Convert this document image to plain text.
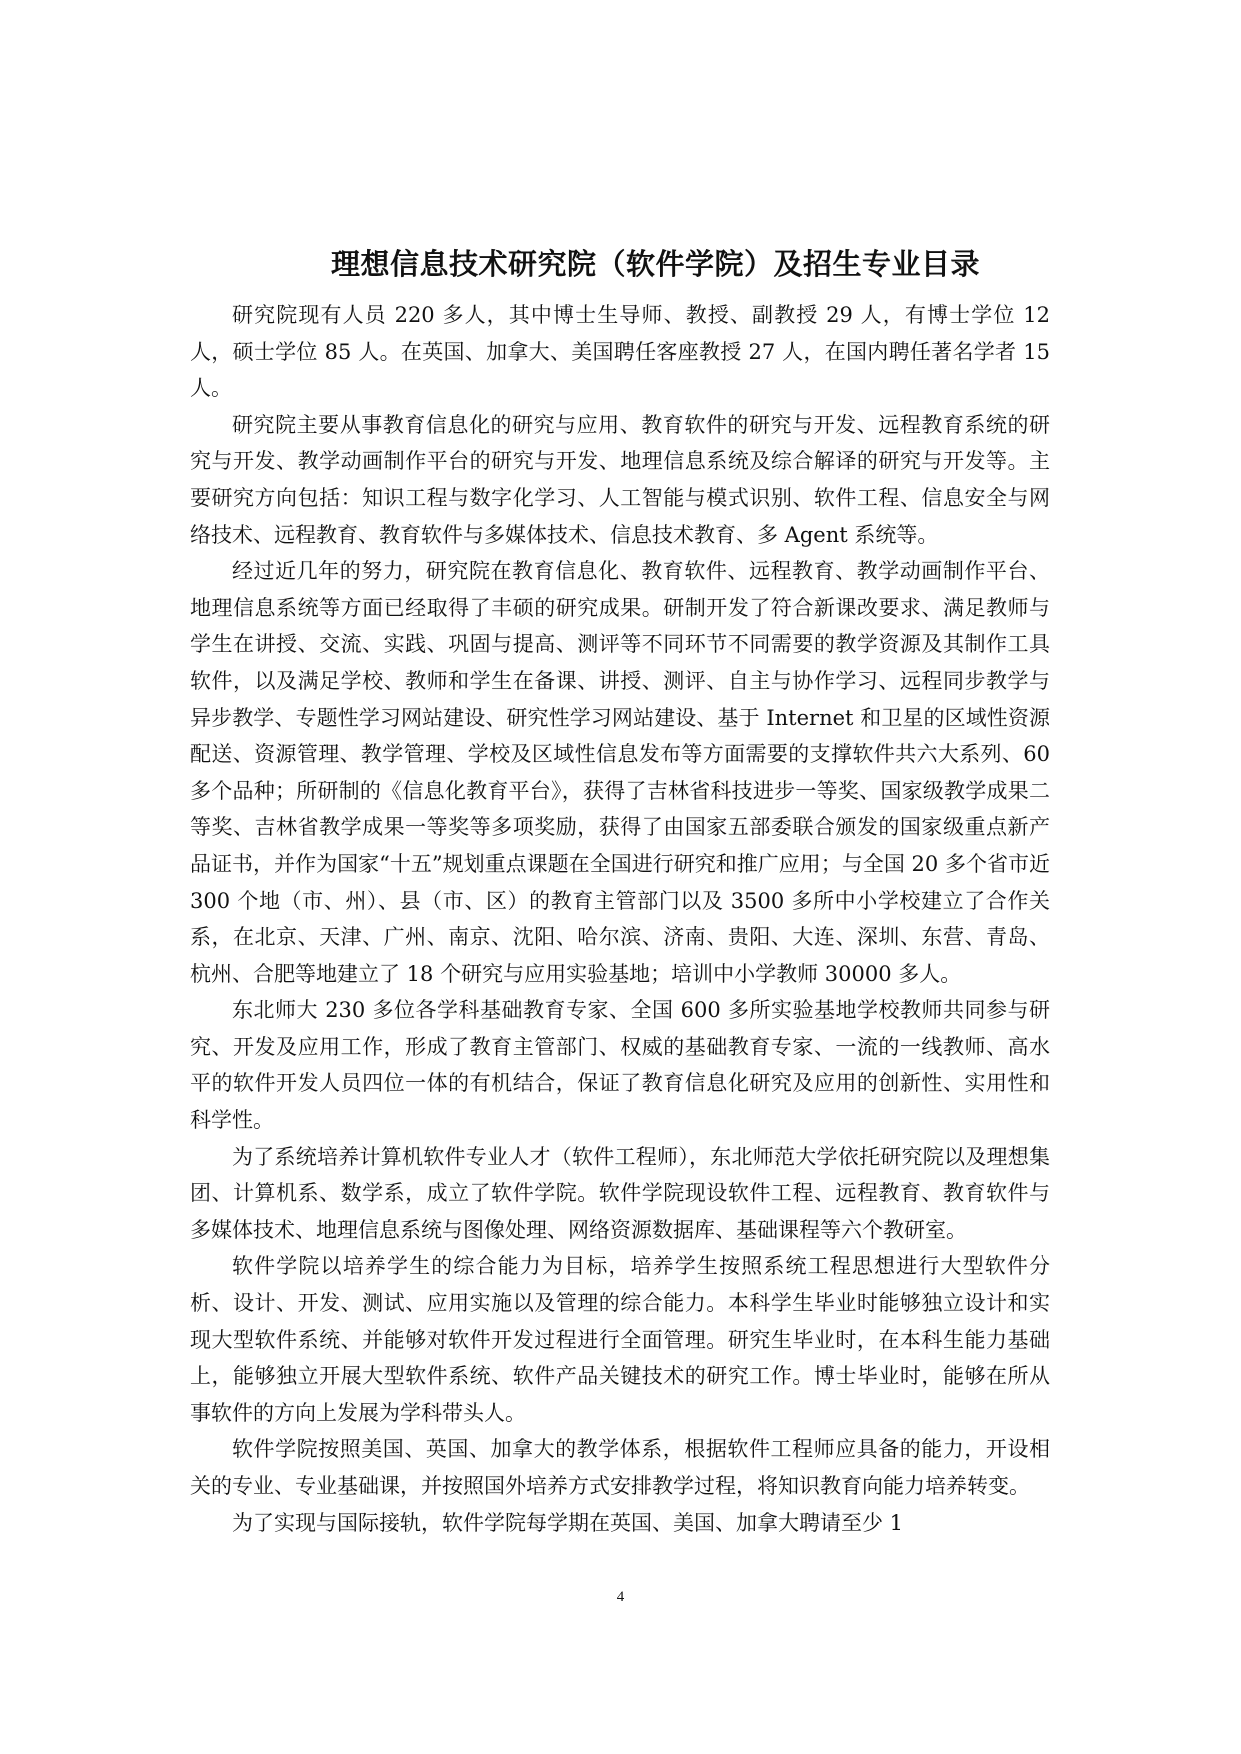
理想信息技术研究院（软件学院）及招生专业目录

研究院现有人员 220 多人，其中博士生导师、教授、副教授 29 人，有博士学位 12 人，硕士学位 85 人。在英国、加拿大、美国聘任客座教授 27 人，在国内聘任著名学者 15 人。

研究院主要从事教育信息化的研究与应用、教育软件的研究与开发、远程教育系统的研究与开发、教学动画制作平台的研究与开发、地理信息系统及综合解译的研究与开发等。主要研究方向包括：知识工程与数字化学习、人工智能与模式识别、软件工程、信息安全与网络技术、远程教育、教育软件与多媒体技术、信息技术教育、多 Agent 系统等。

经过近几年的努力，研究院在教育信息化、教育软件、远程教育、教学动画制作平台、地理信息系统等方面已经取得了丰硕的研究成果。研制开发了符合新课改要求、满足教师与学生在讲授、交流、实践、巩固与提高、测评等不同环节不同需要的教学资源及其制作工具软件，以及满足学校、教师和学生在备课、讲授、测评、自主与协作学习、远程同步教学与异步教学、专题性学习网站建设、研究性学习网站建设、基于 Internet 和卫星的区域性资源配送、资源管理、教学管理、学校及区域性信息发布等方面需要的支撑软件共六大系列、60 多个品种；所研制的《信息化教育平台》，获得了吉林省科技进步一等奖、国家级教学成果二等奖、吉林省教学成果一等奖等多项奖励，获得了由国家五部委联合颁发的国家级重点新产品证书，并作为国家“十五”规划重点课题在全国进行研究和推广应用；与全国 20 多个省市近 300 个地（市、州）、县（市、区）的教育主管部门以及 3500 多所中小学校建立了合作关系，在北京、天津、广州、南京、沈阳、哈尔滨、济南、贵阳、大连、深圳、东营、青岛、杭州、合肥等地建立了 18 个研究与应用实验基地；培训中小学教师 30000 多人。

东北师大 230 多位各学科基础教育专家、全国 600 多所实验基地学校教师共同参与研究、开发及应用工作，形成了教育主管部门、权威的基础教育专家、一流的一线教师、高水平的软件开发人员四位一体的有机结合，保证了教育信息化研究及应用的创新性、实用性和科学性。

为了系统培养计算机软件专业人才（软件工程师），东北师范大学依托研究院以及理想集团、计算机系、数学系，成立了软件学院。软件学院现设软件工程、远程教育、教育软件与多媒体技术、地理信息系统与图像处理、网络资源数据库、基础课程等六个教研室。

软件学院以培养学生的综合能力为目标，培养学生按照系统工程思想进行大型软件分析、设计、开发、测试、应用实施以及管理的综合能力。本科学生毕业时能够独立设计和实现大型软件系统、并能够对软件开发过程进行全面管理。研究生毕业时，在本科生能力基础上，能够独立开展大型软件系统、软件产品关键技术的研究工作。博士毕业时，能够在所从事软件的方向上发展为学科带头人。

软件学院按照美国、英国、加拿大的教学体系，根据软件工程师应具备的能力，开设相关的专业、专业基础课，并按照国外培养方式安排教学过程，将知识教育向能力培养转变。

为了实现与国际接轨，软件学院每学期在英国、美国、加拿大聘请至少 1

4
